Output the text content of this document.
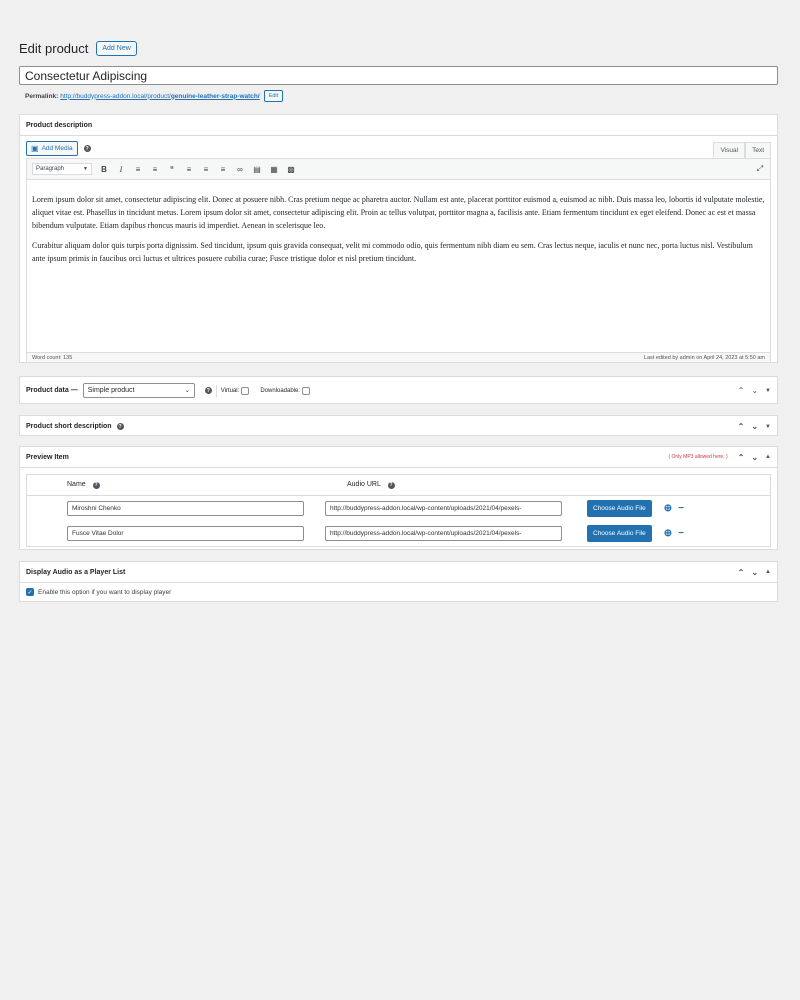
Edit product	Add New
Consectetur Adipiscing
Permalink: http://buddypress-addon.local/product/genuine-leather-strap-watch/	Edit
Product description
▣ Add Media	?	Visual	Text
Paragraph	▼ B	I	≡	≡	“	≡	≡	≡	∞ ▤ ▦ ▩	⤢

Lorem ipsum dolor sit amet, consectetur adipiscing elit. Donec at posuere nibh. Cras pretium neque ac pharetra auctor. Nullam est ante, placerat porttitor euismod a, euismod ac nibh. Duis massa leo, lobortis id vulputate molestie, aliquet vitae est. Phasellus in tincidunt metus. Lorem ipsum dolor sit amet, consectetur adipiscing elit. Proin ac tellus volutpat, porttitor magna a, facilisis ante. Etiam fermentum tincidunt ex eget eleifend. Donec ac est et massa bibendum vulputate. Etiam dapibus rhoncus mauris id imperdiet. Aenean in scelerisque leo.

Curabitur aliquam dolor quis turpis porta dignissim. Sed tincidunt, ipsum quis gravida consequat, velit mi commodo odio, quis fermentum nibh diam eu sem. Cras lectus neque, iaculis et nunc nec, porta luctus nisl. Vestibulum ante ipsum primis in faucibus orci luctus et ultrices posuere cubilia curae; Fusce tristique dolor et nisl pretium tincidunt.

Word count: 135	Last edited by admin on April 24, 2023 at 5:50 am
Product data — Simple product	⌄	?	Virtual:	Downloadable:	⌃ ⌄ ▼
Product short description	?	⌃ ⌄ ▼
Preview Item	( Only MP3 allowed here. ) ⌃ ⌄ ▲
Name ?	Audio URL ?
Miroshni Chenko	http://buddypress-addon.local/wp-content/uploads/2021/04/pexels-	Choose Audio File	⊕ −
Fusce Vitae Dolor	http://buddypress-addon.local/wp-content/uploads/2021/04/pexels-	Choose Audio File	⊕ −
Display Audio as a Player List	⌃ ⌄ ▲
✓ Enable this option if you want to display player
